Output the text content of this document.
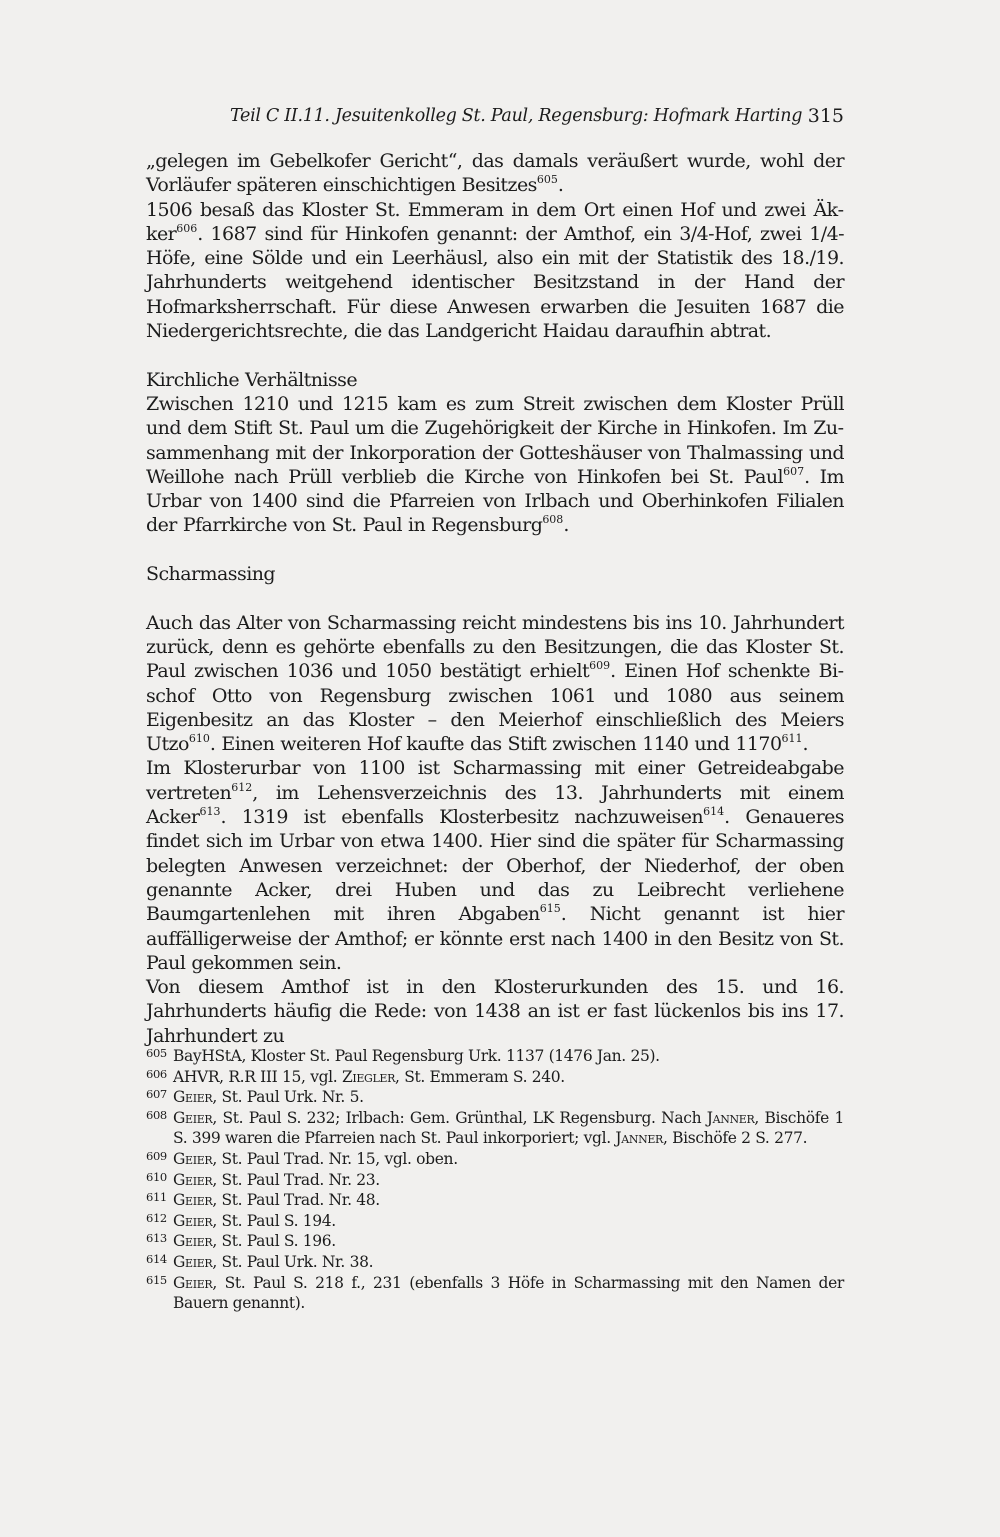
Teil C II.11. Jesuitenkolleg St. Paul, Regensburg: Hofmark Harting 315

„gelegen im Gebelkofer Gericht“, das damals veräußert wurde, wohl der Vorläufer späteren einschichtigen Besitzes$^{605}$.

1506 besaß das Kloster St. Emmeram in dem Ort einen Hof und zwei Äkker$^{606}$. 1687 sind für Hinkofen genannt: der Amthof, ein 3/4-Hof, zwei 1/4-Höfe, eine Sölde und ein Leerhäusl, also ein mit der Statistik des 18./19. Jahrhunderts weitgehend identischer Besitzstand in der Hand der Hofmarksherrschaft. Für diese Anwesen erwarben die Jesuiten 1687 die Niedergerichtsrechte, die das Landgericht Haidau daraufhin abtrat.

Kirchliche Verhältnisse

Zwischen 1210 und 1215 kam es zum Streit zwischen dem Kloster Prüll und dem Stift St. Paul um die Zugehörigkeit der Kirche in Hinkofen. Im Zusammenhang mit der Inkorporation der Gotteshäuser von Thalmassing und Weillohe nach Prüll verblieb die Kirche von Hinkofen bei St. Paul$^{607}$. Im Urbar von 1400 sind die Pfarreien von Irlbach und Oberhinkofen Filialen der Pfarrkirche von St. Paul in Regensburg$^{608}$.

Scharmassing

Auch das Alter von Scharmassing reicht mindestens bis ins 10. Jahrhundert zurück, denn es gehörte ebenfalls zu den Besitzungen, die das Kloster St. Paul zwischen 1036 und 1050 bestätigt erhielt$^{609}$. Einen Hof schenkte Bischof Otto von Regensburg zwischen 1061 und 1080 aus seinem Eigenbesitz an das Kloster – den Meierhof einschließlich des Meiers Utzo$^{610}$. Einen weiteren Hof kaufte das Stift zwischen 1140 und 1170$^{611}$.

Im Klosterurbar von 1100 ist Scharmassing mit einer Getreideabgabe vertreten$^{612}$, im Lehensverzeichnis des 13. Jahrhunderts mit einem Acker$^{613}$. 1319 ist ebenfalls Klosterbesitz nachzuweisen$^{614}$. Genaueres findet sich im Urbar von etwa 1400. Hier sind die später für Scharmassing belegten Anwesen verzeichnet: der Oberhof, der Niederhof, der oben genannte Acker, drei Huben und das zu Leibrecht verliehene Baumgartenlehen mit ihren Abgaben$^{615}$. Nicht genannt ist hier auffälligerweise der Amthof; er könnte erst nach 1400 in den Besitz von St. Paul gekommen sein.

Von diesem Amthof ist in den Klosterurkunden des 15. und 16. Jahrhunderts häufig die Rede: von 1438 an ist er fast lückenlos bis ins 17. Jahrhundert zu

605 BayHStA, Kloster St. Paul Regensburg Urk. 1137 (1476 Jan. 25).

606 AHVR, R.R III 15, vgl. Ziegler, St. Emmeram S. 240.

607 Geier, St. Paul Urk. Nr. 5.

608 Geier, St. Paul S. 232; Irlbach: Gem. Grünthal, LK Regensburg. Nach Janner, Bischöfe 1 S. 399 waren die Pfarreien nach St. Paul inkorporiert; vgl. Janner, Bischöfe 2 S. 277.

609 Geier, St. Paul Trad. Nr. 15, vgl. oben.

610 Geier, St. Paul Trad. Nr. 23.

611 Geier, St. Paul Trad. Nr. 48.

612 Geier, St. Paul S. 194.

613 Geier, St. Paul S. 196.

614 Geier, St. Paul Urk. Nr. 38.

615 Geier, St. Paul S. 218 f., 231 (ebenfalls 3 Höfe in Scharmassing mit den Namen der Bauern genannt).
